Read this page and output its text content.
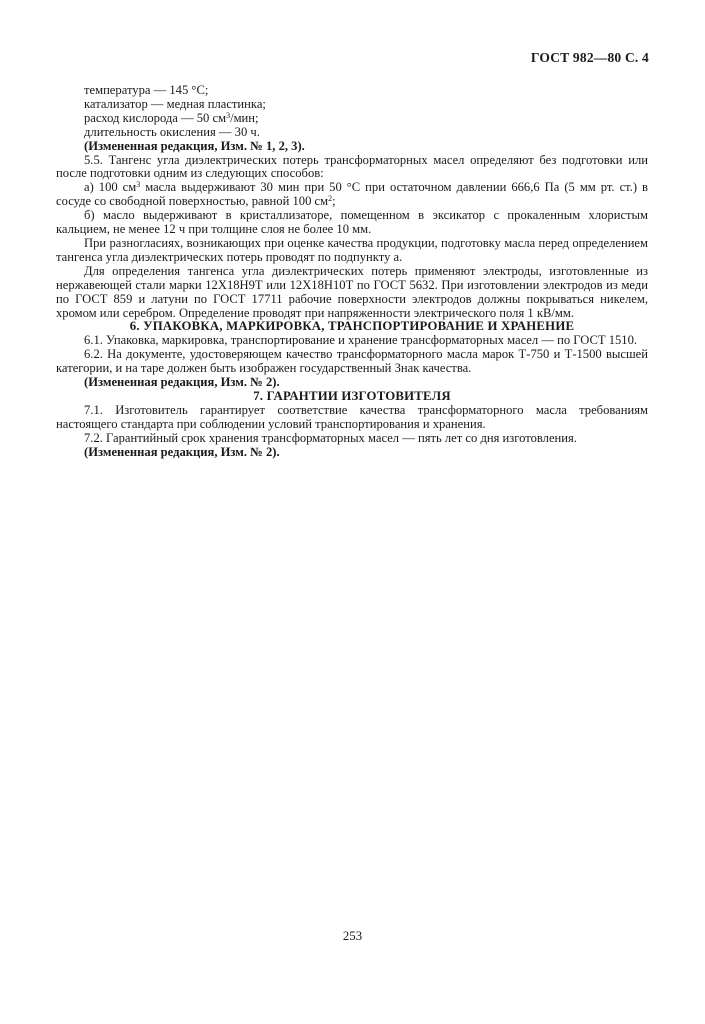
ГОСТ 982—80 С. 4

температура — 145 °С;

катализатор — медная пластинка;

расход кислорода — 50 $см^3$/мин;

длительность окисления — 30 ч.

(Измененная редакция, Изм. № 1, 2, 3).

5.5. Тангенс угла диэлектрических потерь трансформаторных масел определяют без подготовки или после подготовки одним из следующих способов:

а) 100 $см^3$ масла выдерживают 30 мин при 50 °С при остаточном давлении 666,6 Па (5 мм рт. ст.) в сосуде со свободной поверхностью, равной 100 $см^2$;

б) масло выдерживают в кристаллизаторе, помещенном в эксикатор с прокаленным хлористым кальцием, не менее 12 ч при толщине слоя не более 10 мм.

При разногласиях, возникающих при оценке качества продукции, подготовку масла перед определением тангенса угла диэлектрических потерь проводят по подпункту а.

Для определения тангенса угла диэлектрических потерь применяют электроды, изготовленные из нержавеющей стали марки 12Х18Н9Т или 12Х18Н10Т по ГОСТ 5632. При изготовлении электродов из меди по ГОСТ 859 и латуни по ГОСТ 17711 рабочие поверхности электродов должны покрываться никелем, хромом или серебром. Определение проводят при напряженности электрического поля 1 кВ/мм.

6. УПАКОВКА, МАРКИРОВКА, ТРАНСПОРТИРОВАНИЕ И ХРАНЕНИЕ

6.1. Упаковка, маркировка, транспортирование и хранение трансформаторных масел — по ГОСТ 1510.

6.2. На документе, удостоверяющем качество трансформаторного масла марок Т-750 и Т-1500 высшей категории, и на таре должен быть изображен государственный Знак качества.

(Измененная редакция, Изм. № 2).

7. ГАРАНТИИ ИЗГОТОВИТЕЛЯ

7.1. Изготовитель гарантирует соответствие качества трансформаторного масла требованиям настоящего стандарта при соблюдении условий транспортирования и хранения.

7.2. Гарантийный срок хранения трансформаторных масел — пять лет со дня изготовления.

(Измененная редакция, Изм. № 2).

253
